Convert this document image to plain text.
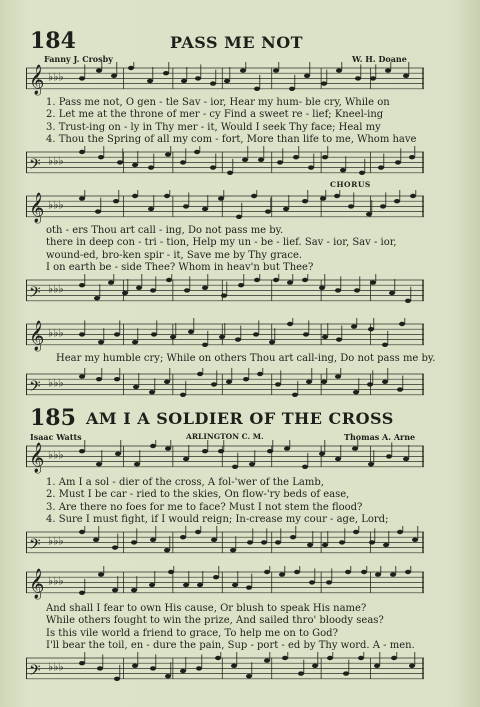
184	PASS ME NOT
Fanny J. Crosby	W. H. Doane
𝄞 ♭♭♭
1. Pass me not, O gen - tle Sav - ior, Hear my hum- ble cry, While on
2. Let me at the throne of mer - cy Find a sweet re - lief; Kneel-ing
3. Trust-ing on - ly in Thy mer - it, Would I seek Thy face; Heal my
4. Thou the Spring of all my com - fort, More than life to me, Whom have
𝄢 ♭♭♭
CHORUS
𝄞 ♭♭♭
oth - ers Thou art call - ing, Do not pass me by.
there in deep con - tri - tion, Help my un - be - lief. Sav - ior, Sav - ior,
wound-ed, bro-ken spir - it, Save me by Thy grace.
I on earth be - side Thee? Whom in heav'n but Thee?
𝄢 ♭♭♭
𝄞 ♭♭♭
Hear my humble cry; While on others Thou art call-ing, Do not pass me by.
𝄢 ♭♭♭
185 AM I A SOLDIER OF THE CROSS
Isaac Watts	ARLINGTON C. M.	Thomas A. Arne
𝄞 ♭♭♭
1. Am I a sol - dier of the cross, A fol-'wer of the Lamb,
2. Must I be car - ried to the skies, On flow-'ry beds of ease,
3. Are there no foes for me to face? Must I not stem the flood?
4. Sure I must fight, if I would reign; In-crease my cour - age, Lord;
𝄢 ♭♭♭
𝄞 ♭♭♭
And shall I fear to own His cause, Or blush to speak His name?
While others fought to win the prize, And sailed thro' bloody seas?
Is this vile world a friend to grace, To help me on to God?
I'll bear the toil, en - dure the pain, Sup - port - ed by Thy word. A - men.
𝄢 ♭♭♭
